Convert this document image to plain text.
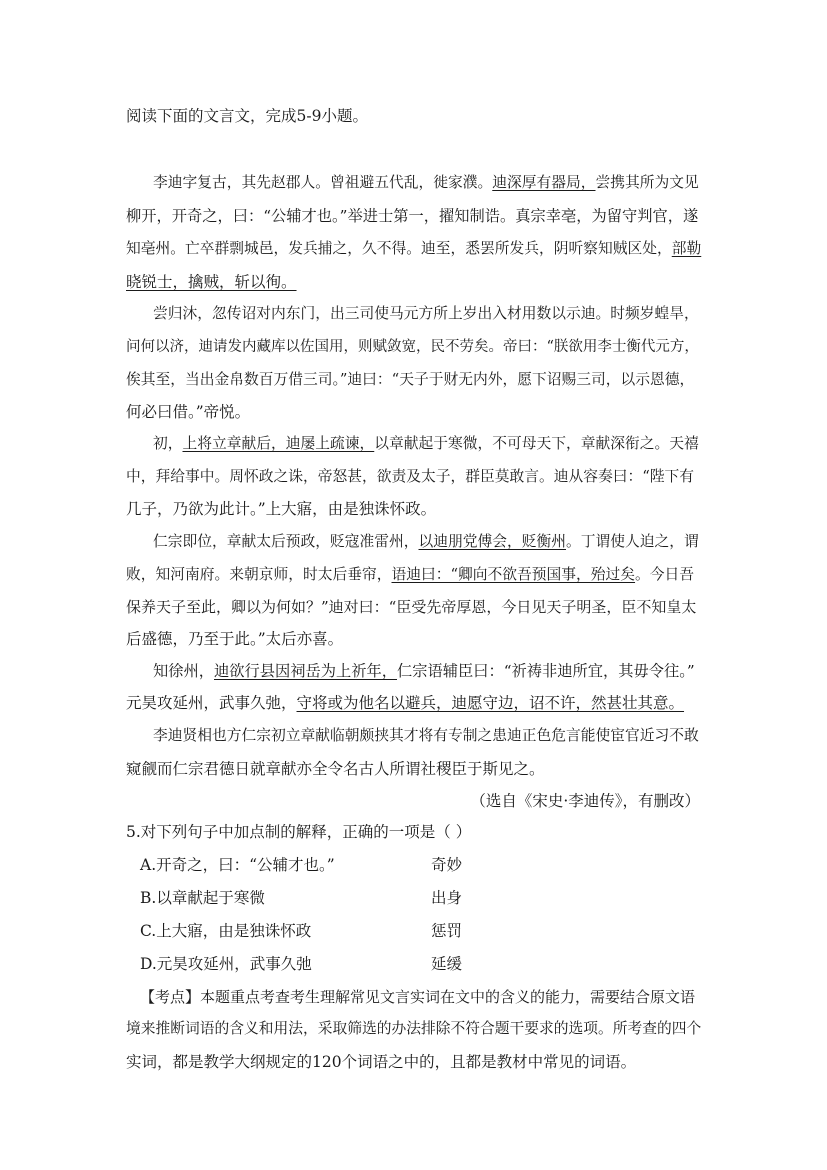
阅读下面的文言文，完成5-9小题。
李迪字复古，其先赵郡人。曾祖避五代乱，徙家濮。迪深厚有器局，尝携其所为文见
柳开，开奇之，曰：“公辅才也。”举进士第一，擢知制诰。真宗幸亳，为留守判官，遂
知亳州。亡卒群剽城邑，发兵捕之，久不得。迪至，悉罢所发兵，阴听察知贼区处，部勒
晓锐士，擒贼，斩以徇。
尝归沐，忽传诏对内东门，出三司使马元方所上岁出入材用数以示迪。时频岁蝗旱，
问何以济，迪请发内藏库以佐国用，则赋敛宽，民不劳矣。帝曰：“朕欲用李士衡代元方，
俟其至，当出金帛数百万借三司。”迪曰：“天子于财无内外，愿下诏赐三司，以示恩德，
何必曰借。”帝悦。
初，上将立章献后，迪屡上疏谏，以章献起于寒微，不可母天下，章献深衔之。天禧
中，拜给事中。周怀政之诛，帝怒甚，欲责及太子，群臣莫敢言。迪从容奏曰：“陛下有
几子，乃欲为此计。”上大寤，由是独诛怀政。
仁宗即位，章献太后预政，贬寇准雷州，以迪朋党傅会，贬衡州。丁谓使人迫之，谓
败，知河南府。来朝京师，时太后垂帘，语迪曰：“卿向不欲吾预国事，殆过矣。今日吾
保养天子至此，卿以为何如？”迪对曰：“臣受先帝厚恩，今日见天子明圣，臣不知皇太
后盛德，乃至于此。”太后亦喜。
知徐州，迪欲行县因祠岳为上祈年，仁宗语辅臣曰：“祈祷非迪所宜，其毋令往。”
元昊攻延州，武事久弛，守将或为他名以避兵，迪愿守边，诏不许，然甚壮其意。
李迪贤相也方仁宗初立章献临朝颇挟其才将有专制之患迪正色危言能使宦官近习不敢
窥觎而仁宗君德日就章献亦全令名古人所谓社稷臣于斯见之。
（选自《宋史·李迪传》，有删改）
5.对下列句子中加点制的解释，正确的一项是（ ）
A.开奇之，曰：“公辅才也。”	奇妙
B.以章献起于寒微	出身
C.上大寤，由是独诛怀政	惩罚
D.元昊攻延州，武事久弛	延缓
【考点】本题重点考查考生理解常见文言实词在文中的含义的能力，需要结合原文语
境来推断词语的含义和用法，采取筛选的办法排除不符合题干要求的选项。所考查的四个
实词，都是教学大纲规定的120个词语之中的，且都是教材中常见的词语。
